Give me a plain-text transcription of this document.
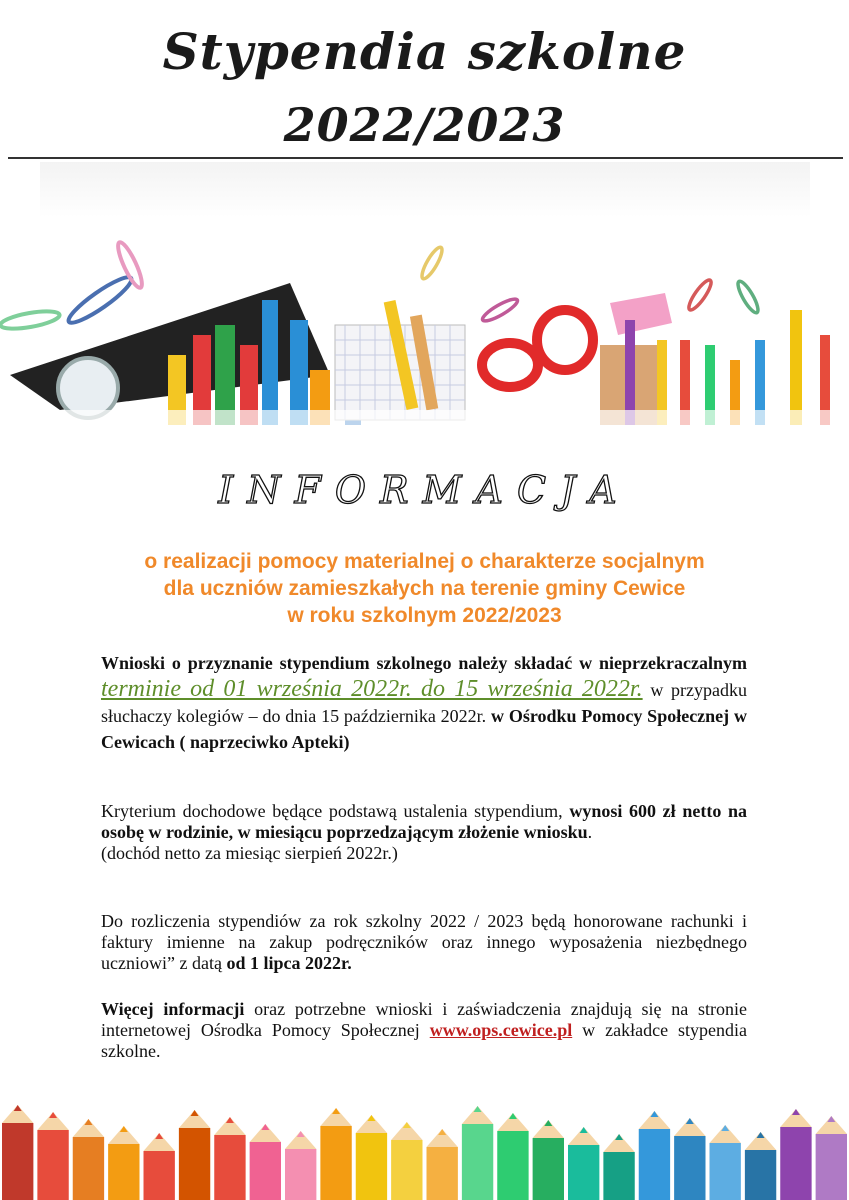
Stypendia szkolne
2022/2023
INFORMACJA
o realizacji pomocy materialnej o charakterze socjalnym
dla uczniów zamieszkałych na terenie gminy Cewice
w roku szkolnym 2022/2023
Wnioski o przyznanie stypendium szkolnego należy składać w nieprzekraczalnym terminie od 01 września 2022r. do 15 września 2022r. w przypadku słuchaczy kolegiów – do dnia 15 października 2022r. w Ośrodku Pomocy Społecznej w Cewicach ( naprzeciwko Apteki)
Kryterium dochodowe będące podstawą ustalenia stypendium, wynosi 600 zł netto na osobę w rodzinie, w miesiącu poprzedzającym złożenie wniosku.
(dochód netto za miesiąc sierpień 2022r.)
Do rozliczenia stypendiów za rok szkolny 2022 / 2023 będą honorowane rachunki i faktury imienne na zakup podręczników oraz innego wyposażenia niezbędnego uczniowi” z datą od 1 lipca 2022r.
Więcej informacji oraz potrzebne wnioski i zaświadczenia znajdują się na stronie internetowej Ośrodka Pomocy Społecznej www.ops.cewice.pl w zakładce stypendia szkolne.
